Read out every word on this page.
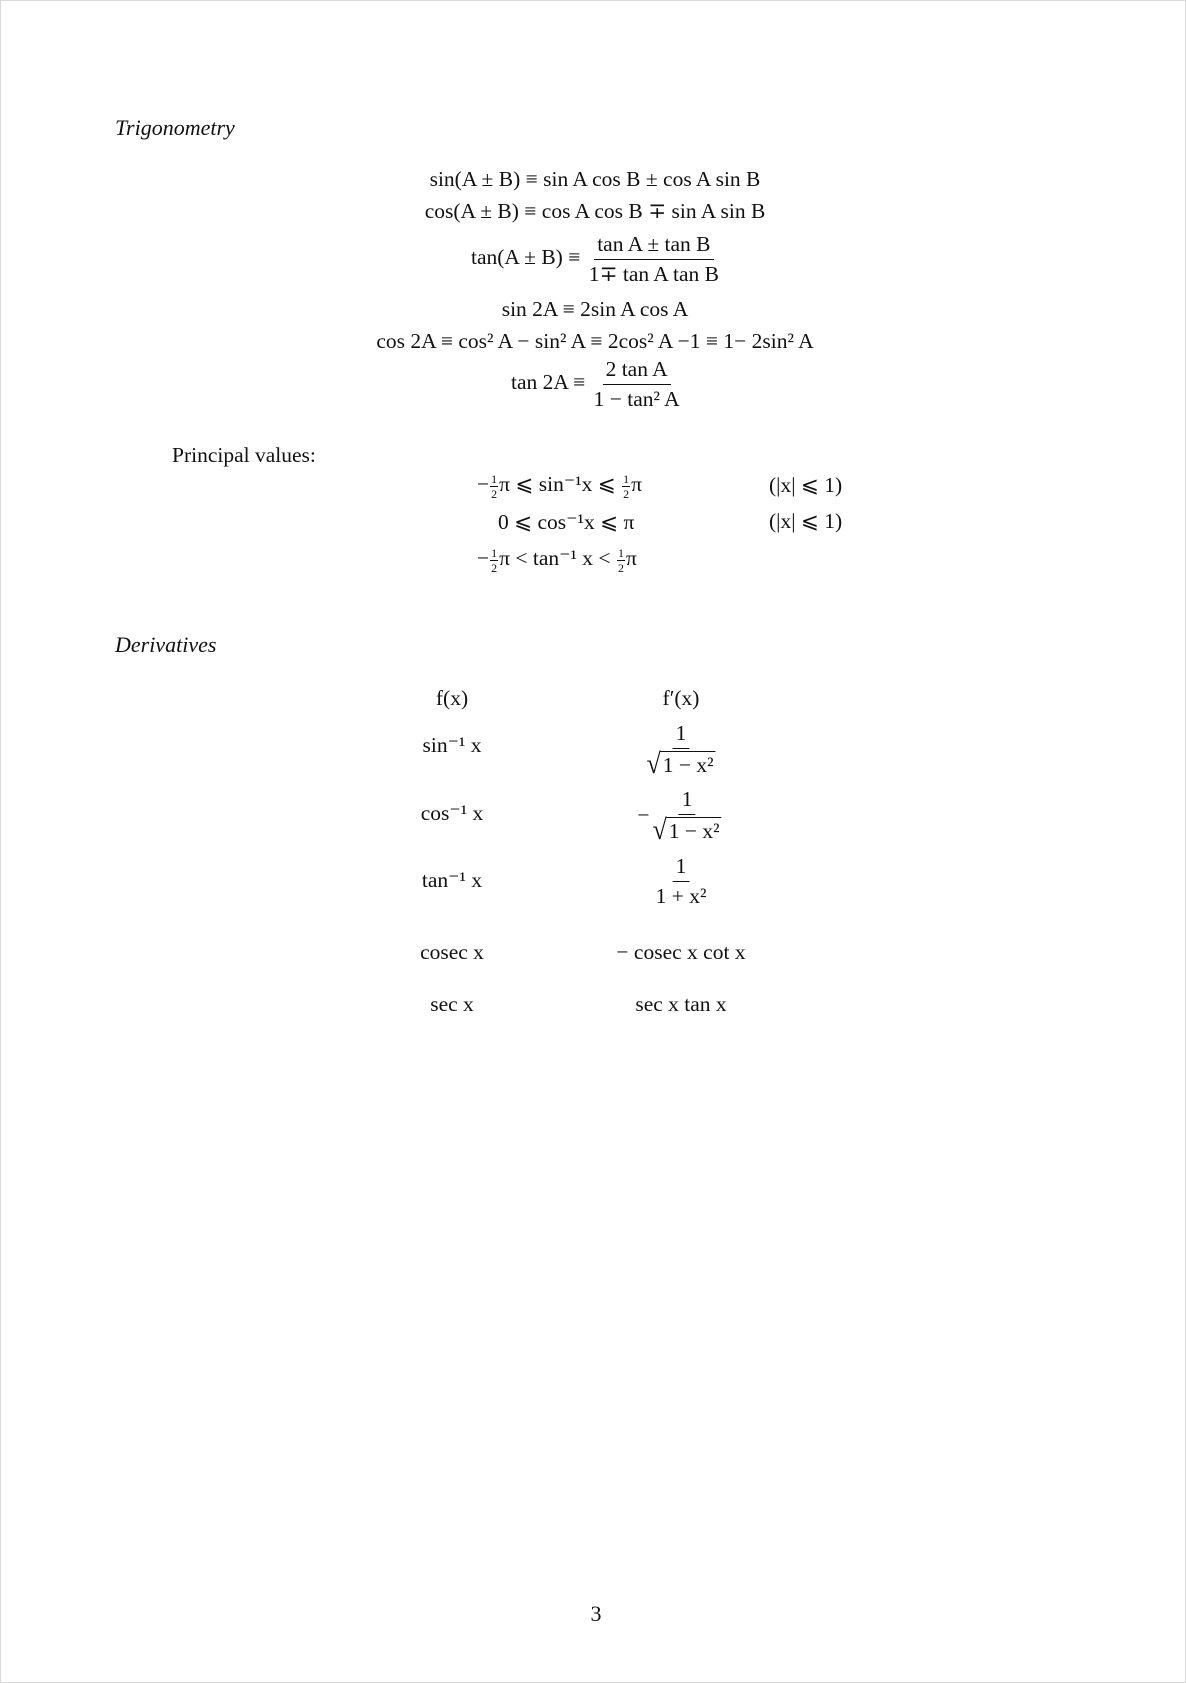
Trigonometry
sin(A ± B) ≡ sin A cos B ± cos A sin B
cos(A ± B) ≡ cos A cos B ∓ sin A sin B
$\tan(A \pm B) \equiv \frac{\text{tan A ± tan B}}{\text{1∓ tan A tan B}}$
sin 2A ≡ 2sin A cos A
cos 2A ≡ cos² A − sin² A ≡ 2cos² A −1 ≡ 1− 2sin² A
$\tan 2A \equiv \frac{\text{2 tan A}}{\text{1 − tan² A}}$
Principal values:
− $\frac{1}{2}$ π ⩽ sin⁻¹x ⩽ $\frac{1}{2}$ π	(|x| ⩽ 1)
0 ⩽ cos⁻¹x ⩽ π	(|x| ⩽ 1)
− $\frac{1}{2}$ π < tan⁻¹ $x < \frac{1}{2}$ π
Derivatives
f(x)	f′(x)
sin⁻¹ x	$\frac{1}{\text{√ 1 − x²}}$
cos⁻¹ x	− $\frac{1}{\text{√ 1 − x²}}$
tan⁻¹ x	$\frac{1}{\text{1 + x²}}$
cosec x	− cosec x cot x
sec x	sec x tan x
3
